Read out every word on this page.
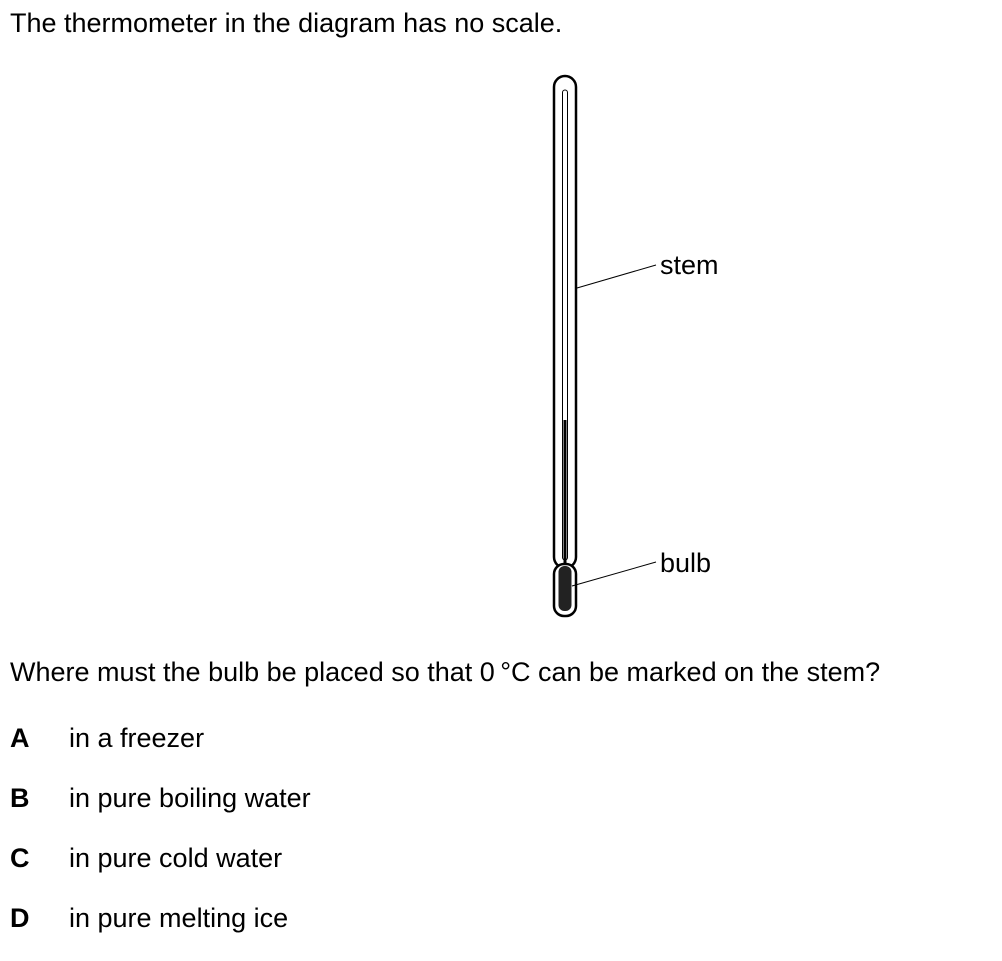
The thermometer in the diagram has no scale.

stem
bulb

Where must the bulb be placed so that 0 °C can be marked on the stem?

A	in a freezer
B	in pure boiling water
C	in pure cold water
D	in pure melting ice
